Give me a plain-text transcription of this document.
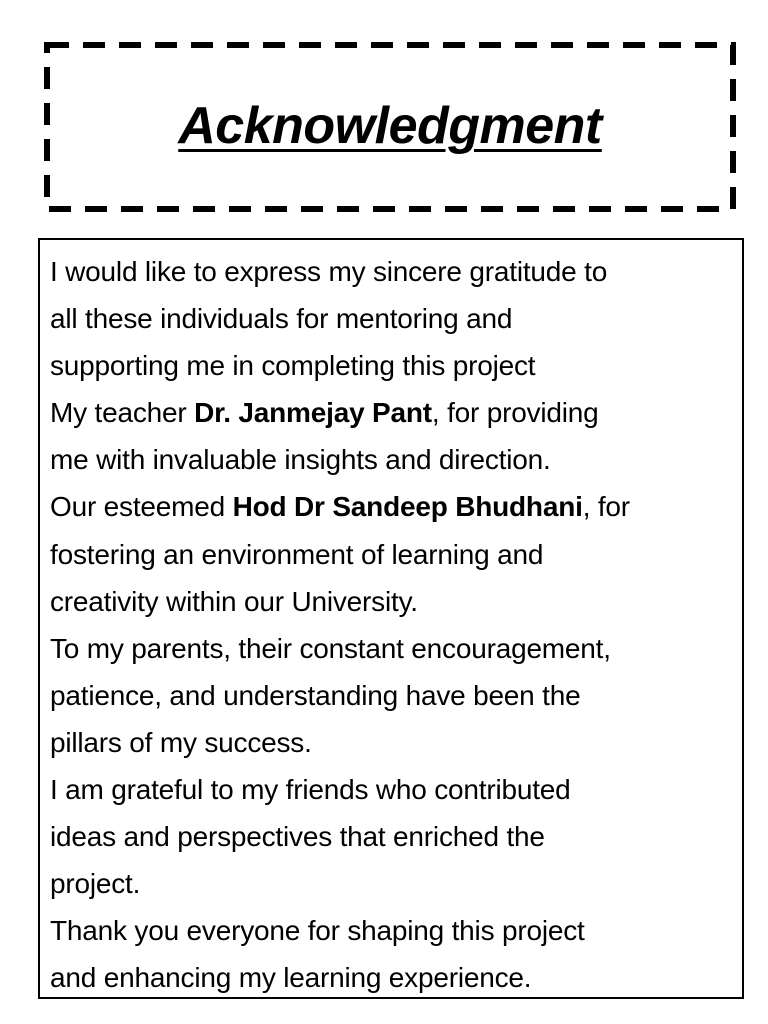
Acknowledgment
I would like to express my sincere gratitude to
all these individuals for mentoring and
supporting me in completing this project
My teacher Dr. Janmejay Pant, for providing
me with invaluable insights and direction.
Our esteemed Hod Dr Sandeep Bhudhani, for
fostering an environment of learning and
creativity within our University.
To my parents, their constant encouragement,
patience, and understanding have been the
pillars of my success.
I am grateful to my friends who contributed
ideas and perspectives that enriched the
project.
Thank you everyone for shaping this project
and enhancing my learning experience.
